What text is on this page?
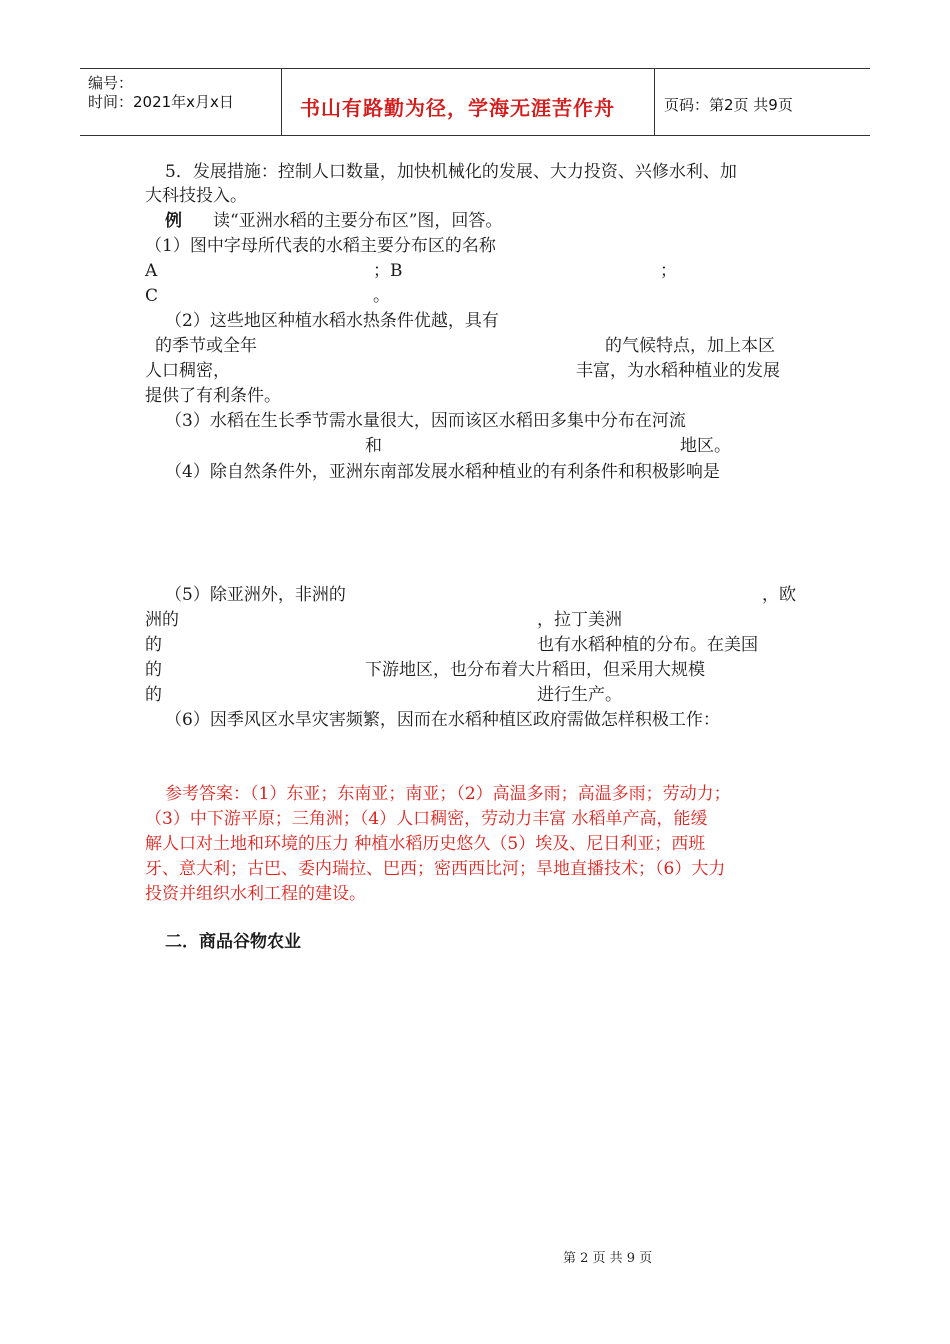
编号：
时间：2021年x月x日	书山有路勤为径，学海无涯苦作舟	页码：第2页 共9页
5．发展措施：控制人口数量，加快机械化的发展、大力投资、兴修水利、加
大科技投入。
例 读“亚洲水稻的主要分布区”图，回答。
（1）图中字母所代表的水稻主要分布区的名称
A	；B	；
C	。
（2）这些地区种植水稻水热条件优越，具有
的季节或全年	的气候特点，加上本区
人口稠密，	丰富，为水稻种植业的发展
提供了有利条件。
（3）水稻在生长季节需水量很大，因而该区水稻田多集中分布在河流
和	地区。
（4）除自然条件外，亚洲东南部发展水稻种植业的有利条件和积极影响是
（5）除亚洲外，非洲的	，欧
洲的	，拉丁美洲
的	也有水稻种植的分布。在美国
的	下游地区，也分布着大片稻田，但采用大规模
的	进行生产。
（6）因季风区水旱灾害频繁，因而在水稻种植区政府需做怎样积极工作：
参考答案：（1）东亚；东南亚；南亚；（2）高温多雨；高温多雨；劳动力；
（3）中下游平原；三角洲；（4）人口稠密，劳动力丰富 水稻单产高，能缓
解人口对土地和环境的压力 种植水稻历史悠久（5）埃及、尼日利亚；西班
牙、意大利；古巴、委内瑞拉、巴西；密西西比河；旱地直播技术；（6）大力
投资并组织水利工程的建设。
二．商品谷物农业
第 2 页 共 9 页
